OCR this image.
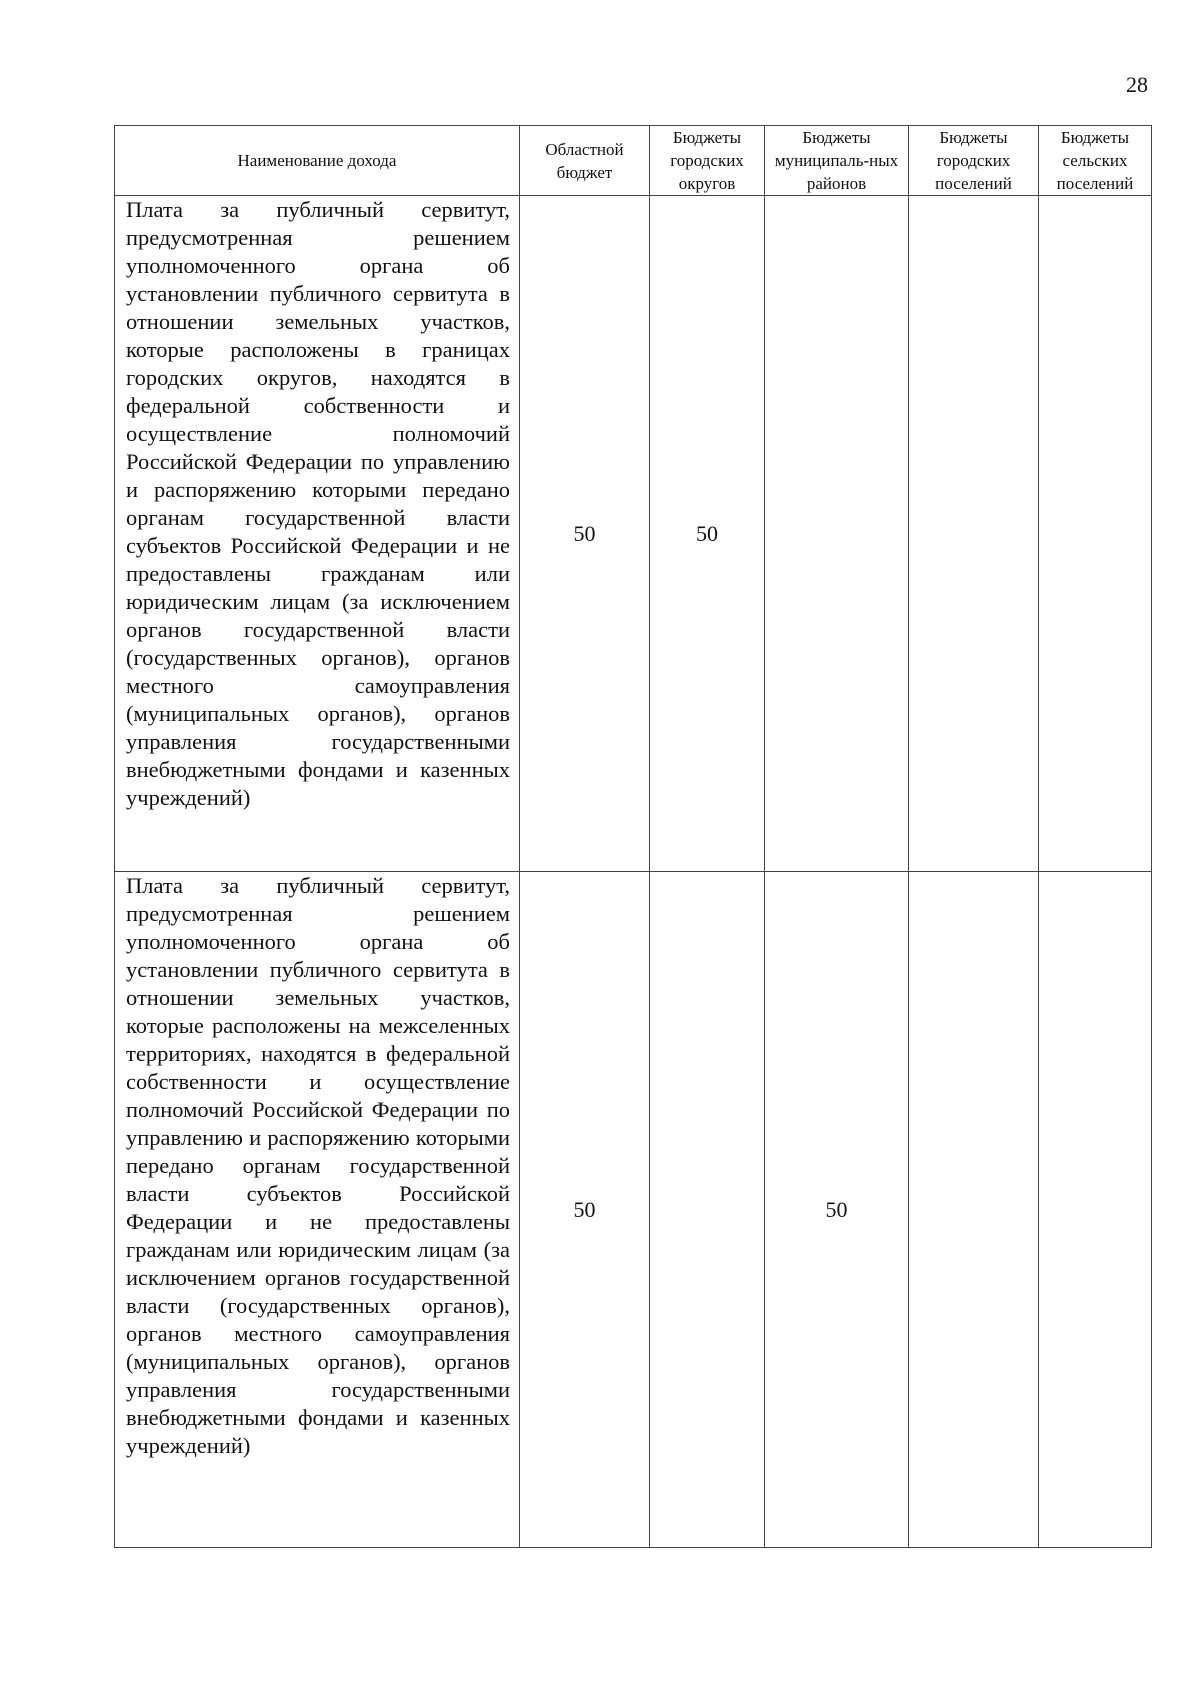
28
Наименование дохода	Областной бюджет	Бюджеты городских округов	Бюджеты муниципаль-ных районов	Бюджеты городских поселений	Бюджеты сельских поселений

Плата за публичный сервитут, предусмотренная решением уполномоченного органа об установлении публичного сервитута в отношении земельных участков, которые расположены в границах городских округов, находятся в федеральной собственности и осуществление полномочий Российской Федерации по управлению и распоряжению которыми передано органам государственной власти субъектов Российской Федерации и не предоставлены гражданам или юридическим лицам (за исключением органов государственной власти (государственных органов), органов местного самоуправления (муниципальных органов), органов управления государственными внебюджетными фондами и казенных учреждений)	50	50			

Плата за публичный сервитут, предусмотренная решением уполномоченного органа об установлении публичного сервитута в отношении земельных участков, которые расположены на межселенных территориях, находятся в федеральной собственности и осуществление полномочий Российской Федерации по управлению и распоряжению которыми передано органам государственной власти субъектов Российской Федерации и не предоставлены гражданам или юридическим лицам (за исключением органов государственной власти (государственных органов), органов местного самоуправления (муниципальных органов), органов управления государственными внебюджетными фондами и казенных учреждений)	50		50		
